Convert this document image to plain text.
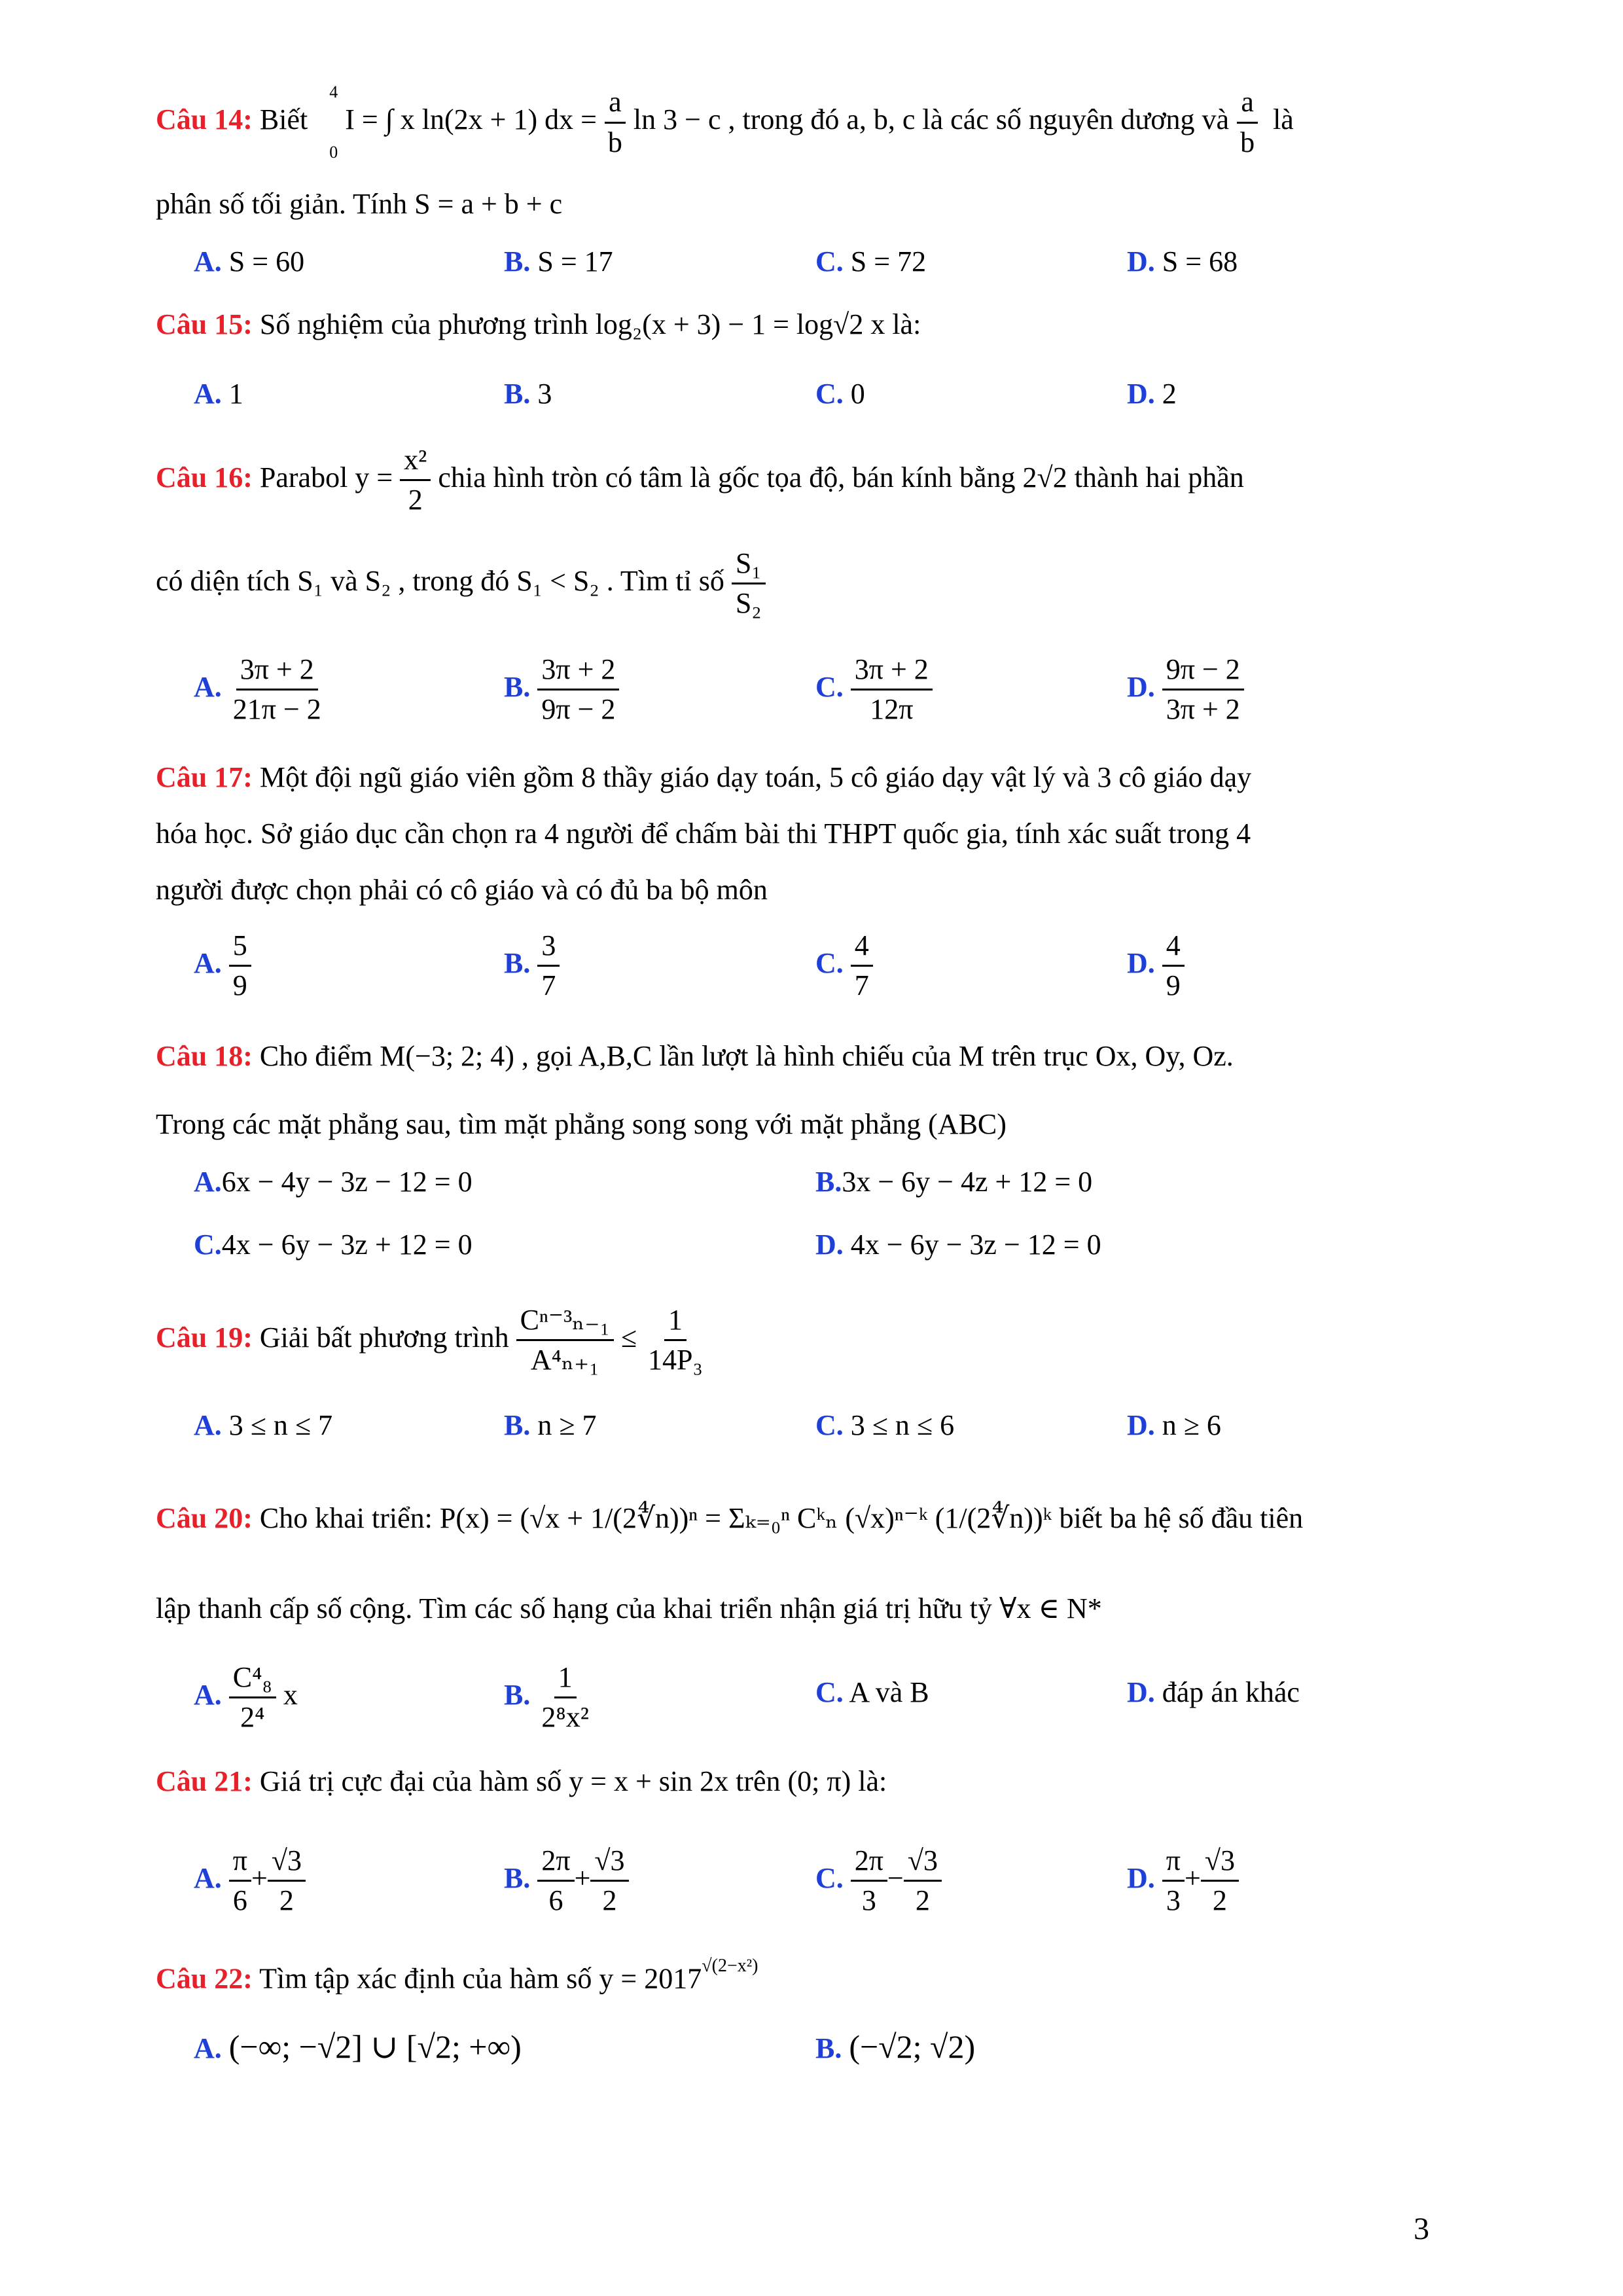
Câu 14: Biết
4
0
I = ∫ x ln(2x + 1) dx = $\frac{a}{b}$ ln 3 − c , trong đó a, b, c là các số nguyên dương và $\frac{a}{b}$ là
phân số tối giản. Tính S = a + b + c
A. S = 60	B. S = 17	C. S = 72	D. S = 68
Câu 15: Số nghiệm của phương trình log₂(x + 3) − 1 = log√2 x là:
A. 1	B. 3	C. 0	D. 2
Câu 16: Parabol $y = \frac{\text{x²}}{2}$ chia hình tròn có tâm là gốc tọa độ, bán kính bằng 2√2 thành hai phần
có diện tích S₁ và S₂ , trong đó S₁ < S₂ . Tìm tỉ số $\frac{\text{S₁}}{\text{S₂}}$
A. $\frac{3\pi + 2}{21\pi - 2}$	B. $\frac{3\pi + 2}{9\pi - 2}$	C. $\frac{3\pi + 2}{12\pi}$	D. $\frac{9\pi - 2}{3\pi + 2}$
Câu 17: Một đội ngũ giáo viên gồm 8 thầy giáo dạy toán, 5 cô giáo dạy vật lý và 3 cô giáo dạy
hóa học. Sở giáo dục cần chọn ra 4 người để chấm bài thi THPT quốc gia, tính xác suất trong 4
người được chọn phải có cô giáo và có đủ ba bộ môn
A. $\frac{5}{9}$	B. $\frac{3}{7}$	C. $\frac{4}{7}$	D. $\frac{4}{9}$
Câu 18: Cho điểm M(−3; 2; 4) , gọi A,B,C lần lượt là hình chiếu của M trên trục Ox, Oy, Oz.
Trong các mặt phẳng sau, tìm mặt phẳng song song với mặt phẳng (ABC)
A.6x − 4y − 3z − 12 = 0	B.3x − 6y − 4z + 12 = 0
C.4x − 6y − 3z + 12 = 0	D. 4x − 6y − 3z − 12 = 0
Câu 19: Giải bất phương trình $\frac{\text{Cⁿ⁻³ₙ₋₁}}{\text{A⁴ₙ₊₁}} \le \frac{1}{\text{14P₃}}$
A. 3 ≤ n ≤ 7	B. n ≥ 7	C. 3 ≤ n ≤ 6	D. n ≥ 6
Câu 20: Cho khai triển: P(x) = (√x + 1/(2∜n))ⁿ = Σₖ₌₀ⁿ Cᵏₙ (√x)ⁿ⁻ᵏ (1/(2∜n))ᵏ biết ba hệ số đầu tiên
lập thanh cấp số cộng. Tìm các số hạng của khai triển nhận giá trị hữu tỷ ∀x ∈ N*
A. $\frac{\text{C⁴₈}}{\text{2⁴}}$ x	B. $\frac{1}{\text{2⁸x²}}$	C. A và B	D. đáp án khác
Câu 21: Giá trị cực đại của hàm số y = x + sin 2x trên (0; π) là:
A. $\frac{\pi}{6} + \frac{√3}{2}$	B. $\frac{2\pi}{6} + \frac{√3}{2}$	C. $\frac{2\pi}{3} - \frac{√3}{2}$	D. $\frac{\pi}{3} + \frac{√3}{2}$
Câu 22: Tìm tập xác định của hàm số $y = 2017^{√(2-x^2)}$
A. (−∞; −√2] ∪ [√2; +∞)	B. (−√2; √2)
3
